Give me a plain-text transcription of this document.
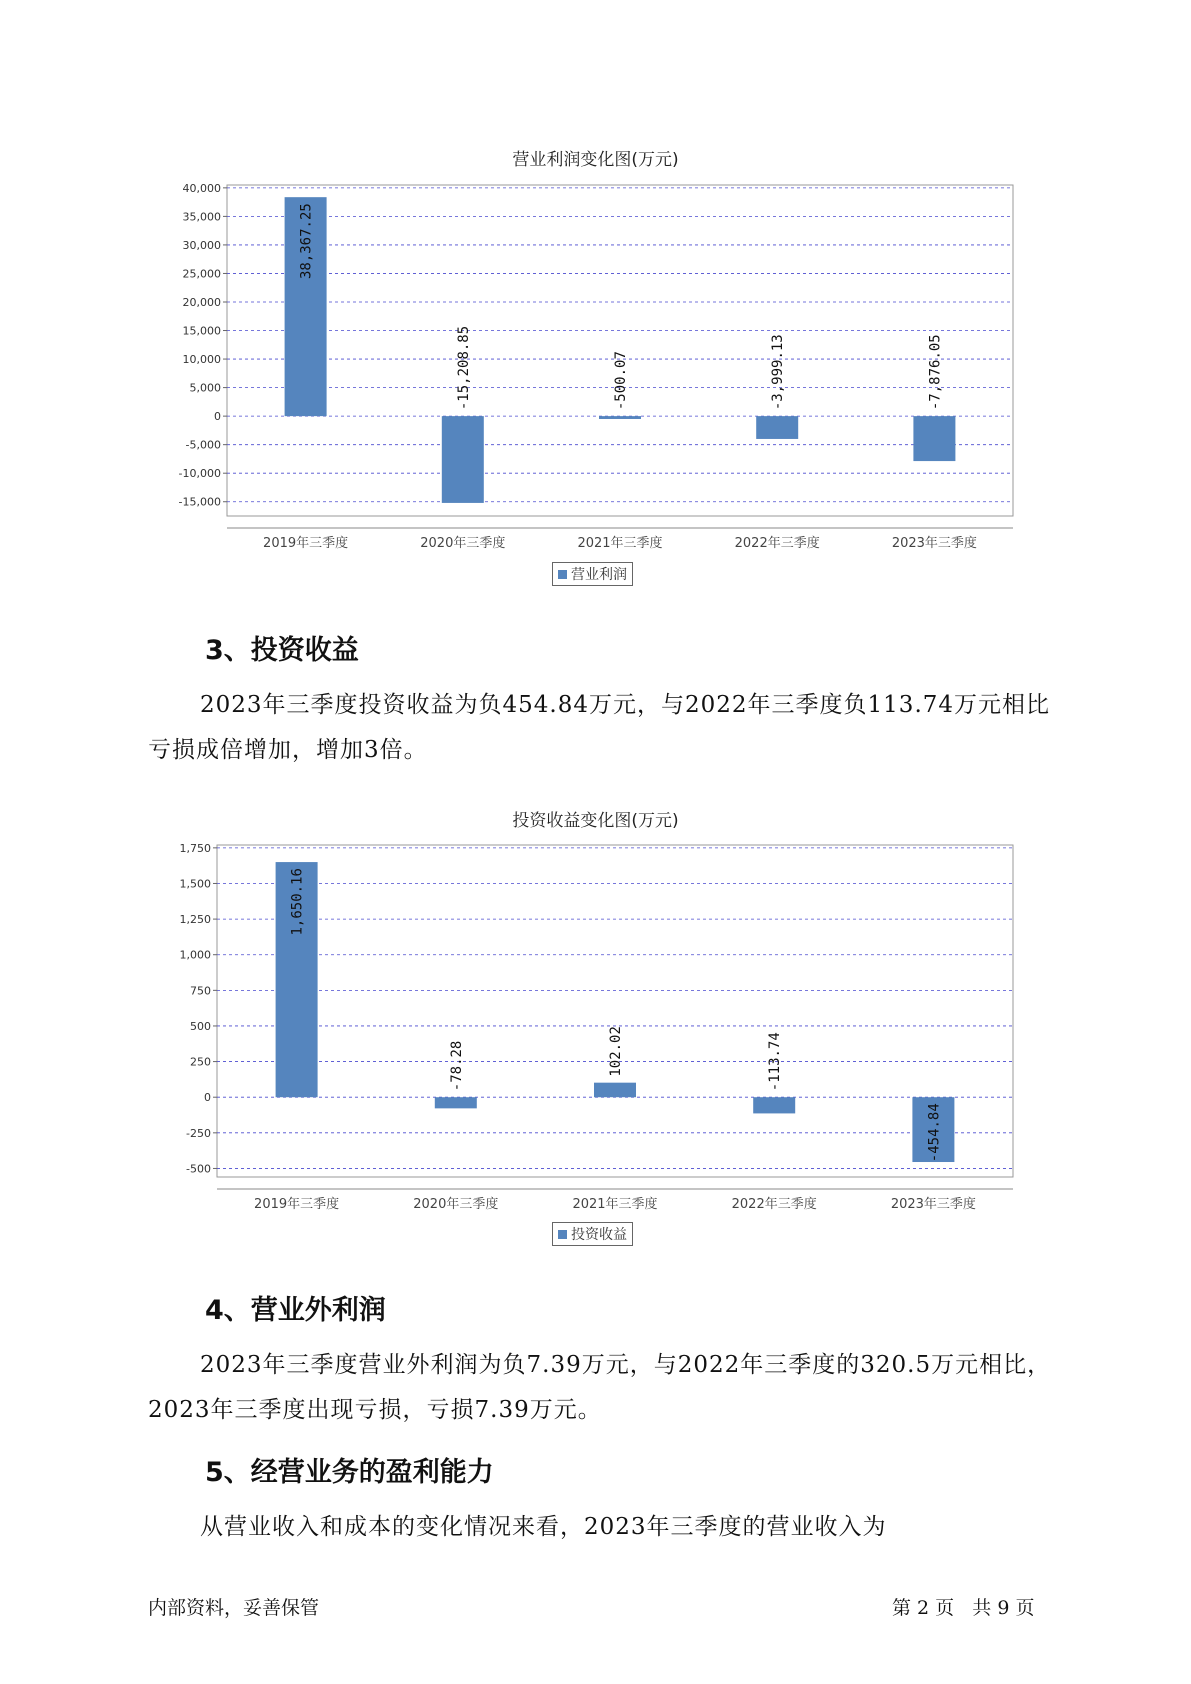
营业利润变化图(万元)
40,000
35,000
30,000
25,000
20,000
15,000
10,000
5,000
0
-5,000
-10,000
-15,000
38,367.25
2019年三季度
-15,208.85
2020年三季度
-500.07
2021年三季度
-3,999.13
2022年三季度
-7,876.05
2023年三季度
营业利润
3、投资收益

2023年三季度投资收益为负454.84万元，与2022年三季度负113.74万元相比亏损成倍增加，增加3倍。

投资收益变化图(万元)
1,750
1,500
1,250
1,000
750
500
250
0
-250
-500
1,650.16
2019年三季度
-78.28
2020年三季度
102.02
2021年三季度
-113.74
2022年三季度
-454.84
2023年三季度
投资收益
4、营业外利润

2023年三季度营业外利润为负7.39万元，与2022年三季度的320.5万元相比，2023年三季度出现亏损，亏损7.39万元。

5、经营业务的盈利能力

从营业收入和成本的变化情况来看，2023年三季度的营业收入为

内部资料，妥善保管	第 2 页   共 9 页
